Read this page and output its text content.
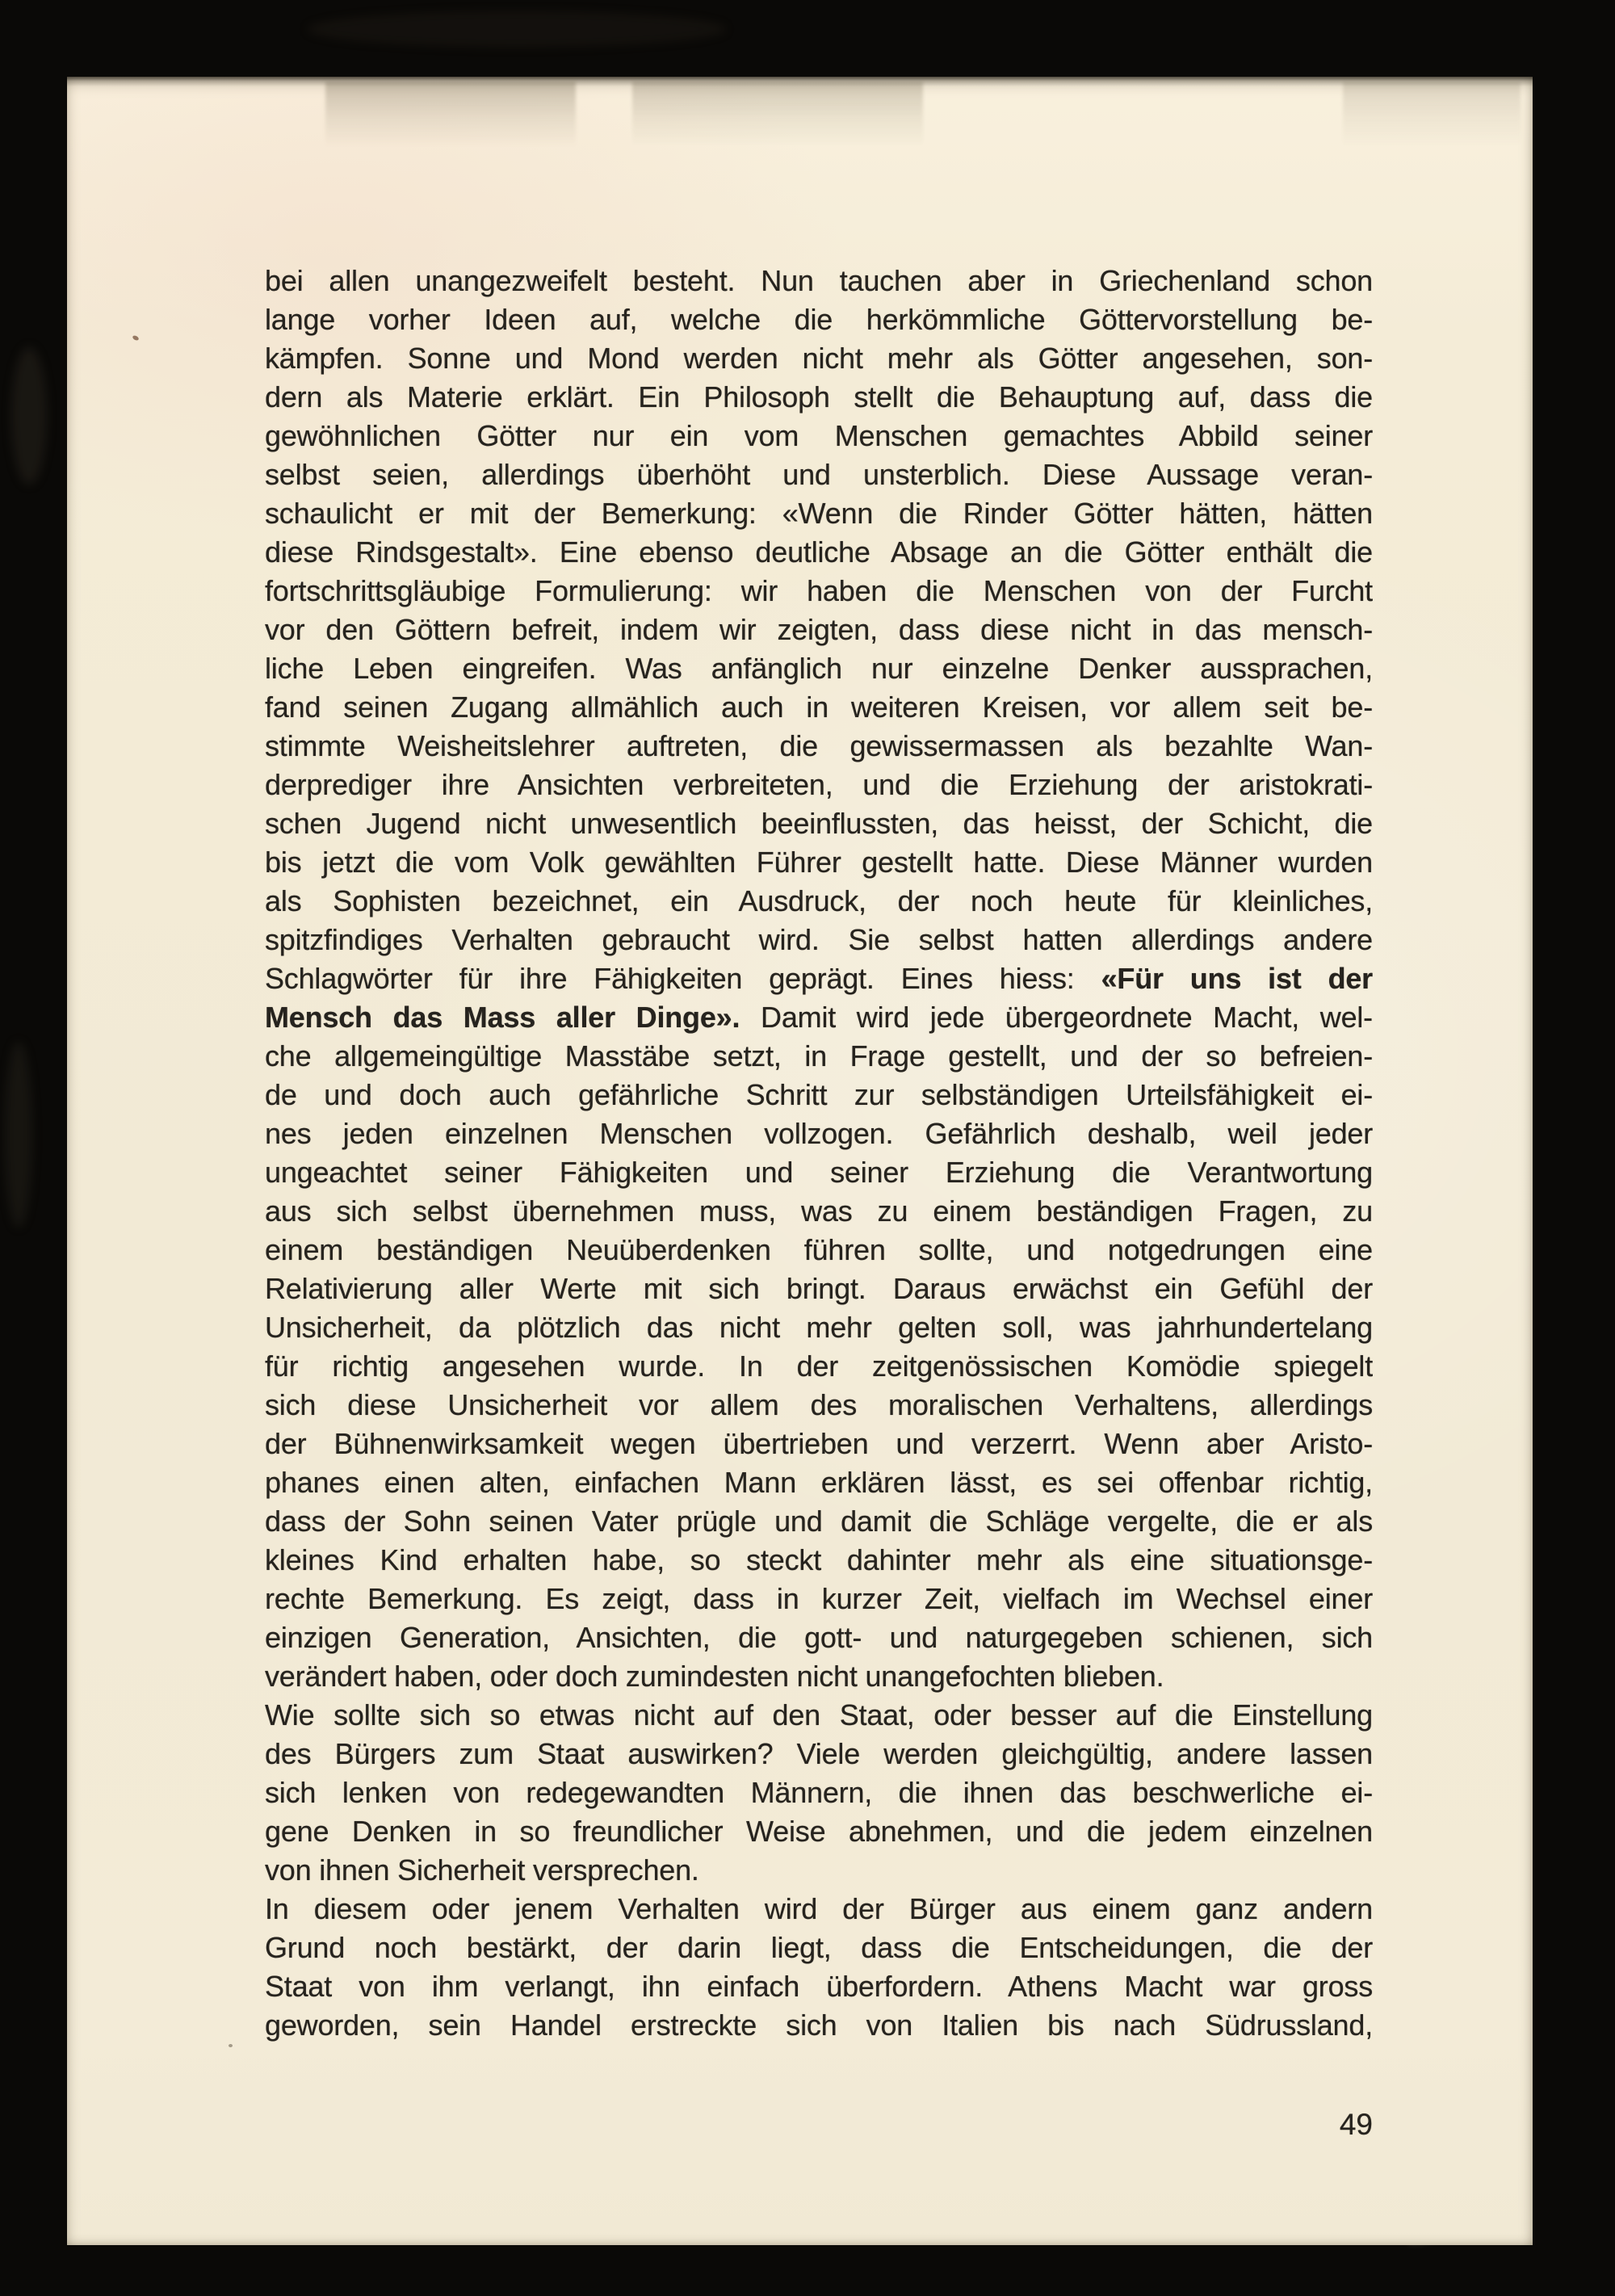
bei allen unangezweifelt besteht. Nun tauchen aber in Griechenland schon
lange vorher Ideen auf, welche die herkömmliche Göttervorstellung be-
kämpfen. Sonne und Mond werden nicht mehr als Götter angesehen, son-
dern als Materie erklärt. Ein Philosoph stellt die Behauptung auf, dass die
gewöhnlichen Götter nur ein vom Menschen gemachtes Abbild seiner
selbst seien, allerdings überhöht und unsterblich. Diese Aussage veran-
schaulicht er mit der Bemerkung: «Wenn die Rinder Götter hätten, hätten
diese Rindsgestalt». Eine ebenso deutliche Absage an die Götter enthält die
fortschrittsgläubige Formulierung: wir haben die Menschen von der Furcht
vor den Göttern befreit, indem wir zeigten, dass diese nicht in das mensch-
liche Leben eingreifen. Was anfänglich nur einzelne Denker aussprachen,
fand seinen Zugang allmählich auch in weiteren Kreisen, vor allem seit be-
stimmte Weisheitslehrer auftreten, die gewissermassen als bezahlte Wan-
derprediger ihre Ansichten verbreiteten, und die Erziehung der aristokrati-
schen Jugend nicht unwesentlich beeinflussten, das heisst, der Schicht, die
bis jetzt die vom Volk gewählten Führer gestellt hatte. Diese Männer wurden
als Sophisten bezeichnet, ein Ausdruck, der noch heute für kleinliches,
spitzfindiges Verhalten gebraucht wird. Sie selbst hatten allerdings andere
Schlagwörter für ihre Fähigkeiten geprägt. Eines hiess: «Für uns ist der
Mensch das Mass aller Dinge». Damit wird jede übergeordnete Macht, wel-
che allgemeingültige Masstäbe setzt, in Frage gestellt, und der so befreien-
de und doch auch gefährliche Schritt zur selbständigen Urteilsfähigkeit ei-
nes jeden einzelnen Menschen vollzogen. Gefährlich deshalb, weil jeder
ungeachtet seiner Fähigkeiten und seiner Erziehung die Verantwortung
aus sich selbst übernehmen muss, was zu einem beständigen Fragen, zu
einem beständigen Neuüberdenken führen sollte, und notgedrungen eine
Relativierung aller Werte mit sich bringt. Daraus erwächst ein Gefühl der
Unsicherheit, da plötzlich das nicht mehr gelten soll, was jahrhundertelang
für richtig angesehen wurde. In der zeitgenössischen Komödie spiegelt
sich diese Unsicherheit vor allem des moralischen Verhaltens, allerdings
der Bühnenwirksamkeit wegen übertrieben und verzerrt. Wenn aber Aristo-
phanes einen alten, einfachen Mann erklären lässt, es sei offenbar richtig,
dass der Sohn seinen Vater prügle und damit die Schläge vergelte, die er als
kleines Kind erhalten habe, so steckt dahinter mehr als eine situationsge-
rechte Bemerkung. Es zeigt, dass in kurzer Zeit, vielfach im Wechsel einer
einzigen Generation, Ansichten, die gott- und naturgegeben schienen, sich
verändert haben, oder doch zumindesten nicht unangefochten blieben.
Wie sollte sich so etwas nicht auf den Staat, oder besser auf die Einstellung
des Bürgers zum Staat auswirken? Viele werden gleichgültig, andere lassen
sich lenken von redegewandten Männern, die ihnen das beschwerliche ei-
gene Denken in so freundlicher Weise abnehmen, und die jedem einzelnen
von ihnen Sicherheit versprechen.
In diesem oder jenem Verhalten wird der Bürger aus einem ganz andern
Grund noch bestärkt, der darin liegt, dass die Entscheidungen, die der
Staat von ihm verlangt, ihn einfach überfordern. Athens Macht war gross
geworden, sein Handel erstreckte sich von Italien bis nach Südrussland,
49
